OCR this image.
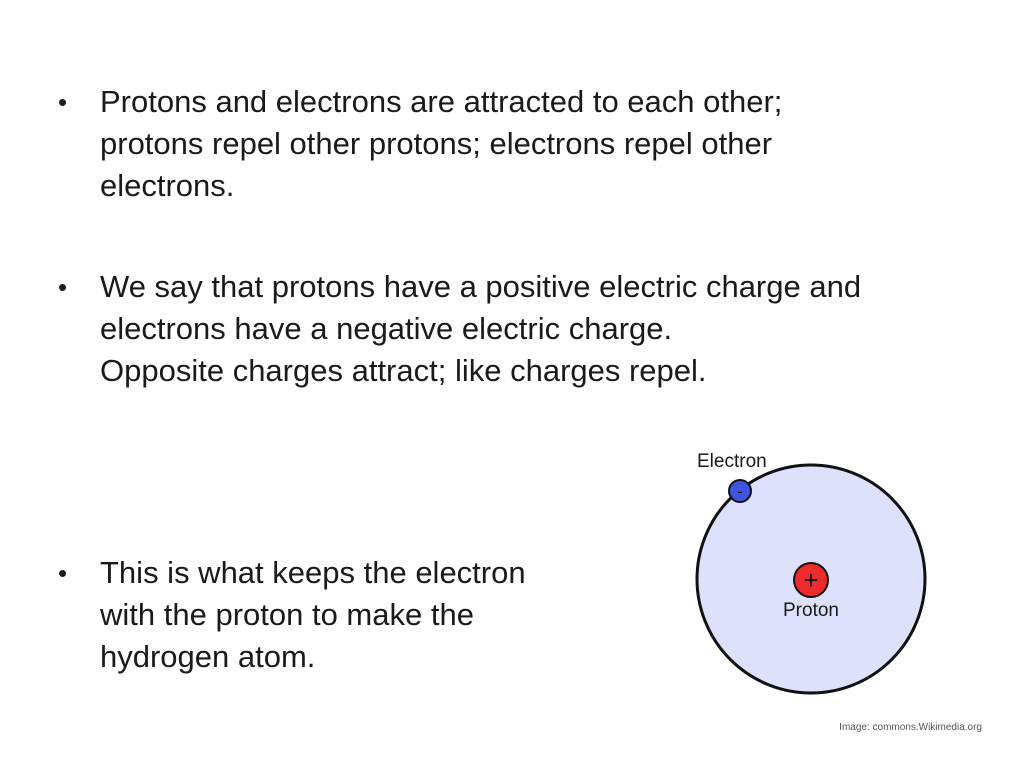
•	Protons and electrons are attracted to each other;
protons repel other protons; electrons repel other
electrons.
•	We say that protons have a positive electric charge and
electrons have a negative electric charge.
Opposite charges attract; like charges repel.
•	This is what keeps the electron
with the proton to make the
hydrogen atom.
Electron
-
+
Proton
Image: commons.Wikimedia.org
